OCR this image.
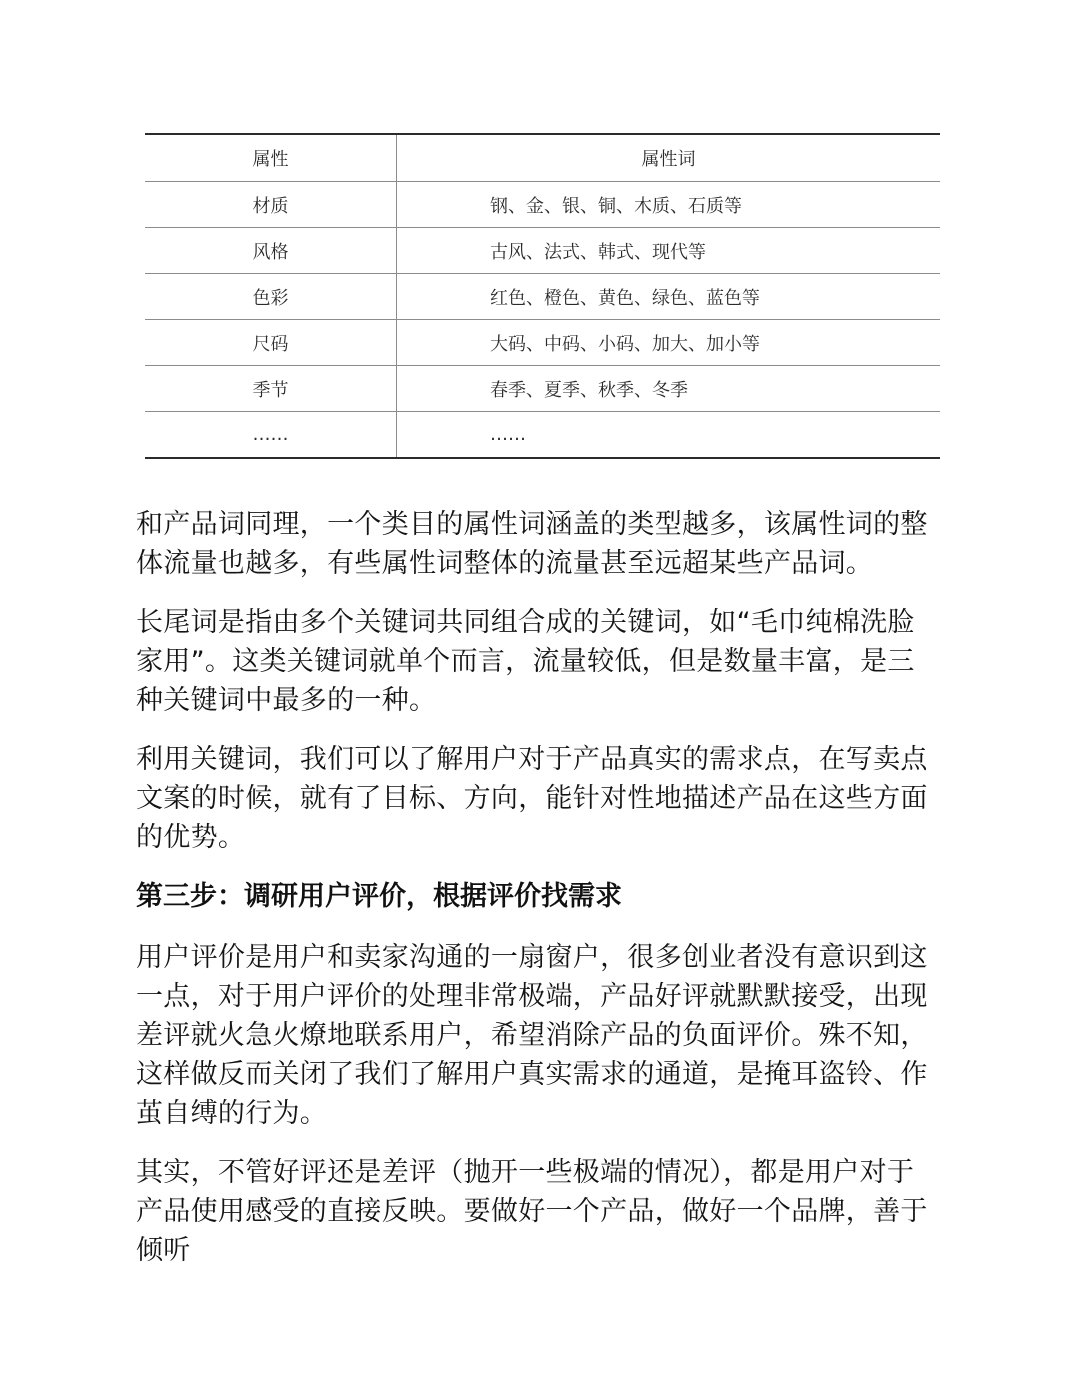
属性	属性词
材质	钢、金、银、铜、木质、石质等
风格	古风、法式、韩式、现代等
色彩	红色、橙色、黄色、绿色、蓝色等
尺码	大码、中码、小码、加大、加小等
季节	春季、夏季、秋季、冬季
……	……

和产品词同理，一个类目的属性词涵盖的类型越多，该属性词的整体流量也越多，有些属性词整体的流量甚至远超某些产品词。

长尾词是指由多个关键词共同组合成的关键词，如“毛巾纯棉洗脸家用”。这类关键词就单个而言，流量较低，但是数量丰富，是三种关键词中最多的一种。

利用关键词，我们可以了解用户对于产品真实的需求点，在写卖点文案的时候，就有了目标、方向，能针对性地描述产品在这些方面的优势。

第三步：调研用户评价，根据评价找需求

用户评价是用户和卖家沟通的一扇窗户，很多创业者没有意识到这一点，对于用户评价的处理非常极端，产品好评就默默接受，出现差评就火急火燎地联系用户，希望消除产品的负面评价。殊不知，这样做反而关闭了我们了解用户真实需求的通道，是掩耳盗铃、作茧自缚的行为。

其实，不管好评还是差评（抛开一些极端的情况），都是用户对于产品使用感受的直接反映。要做好一个产品，做好一个品牌，善于倾听
